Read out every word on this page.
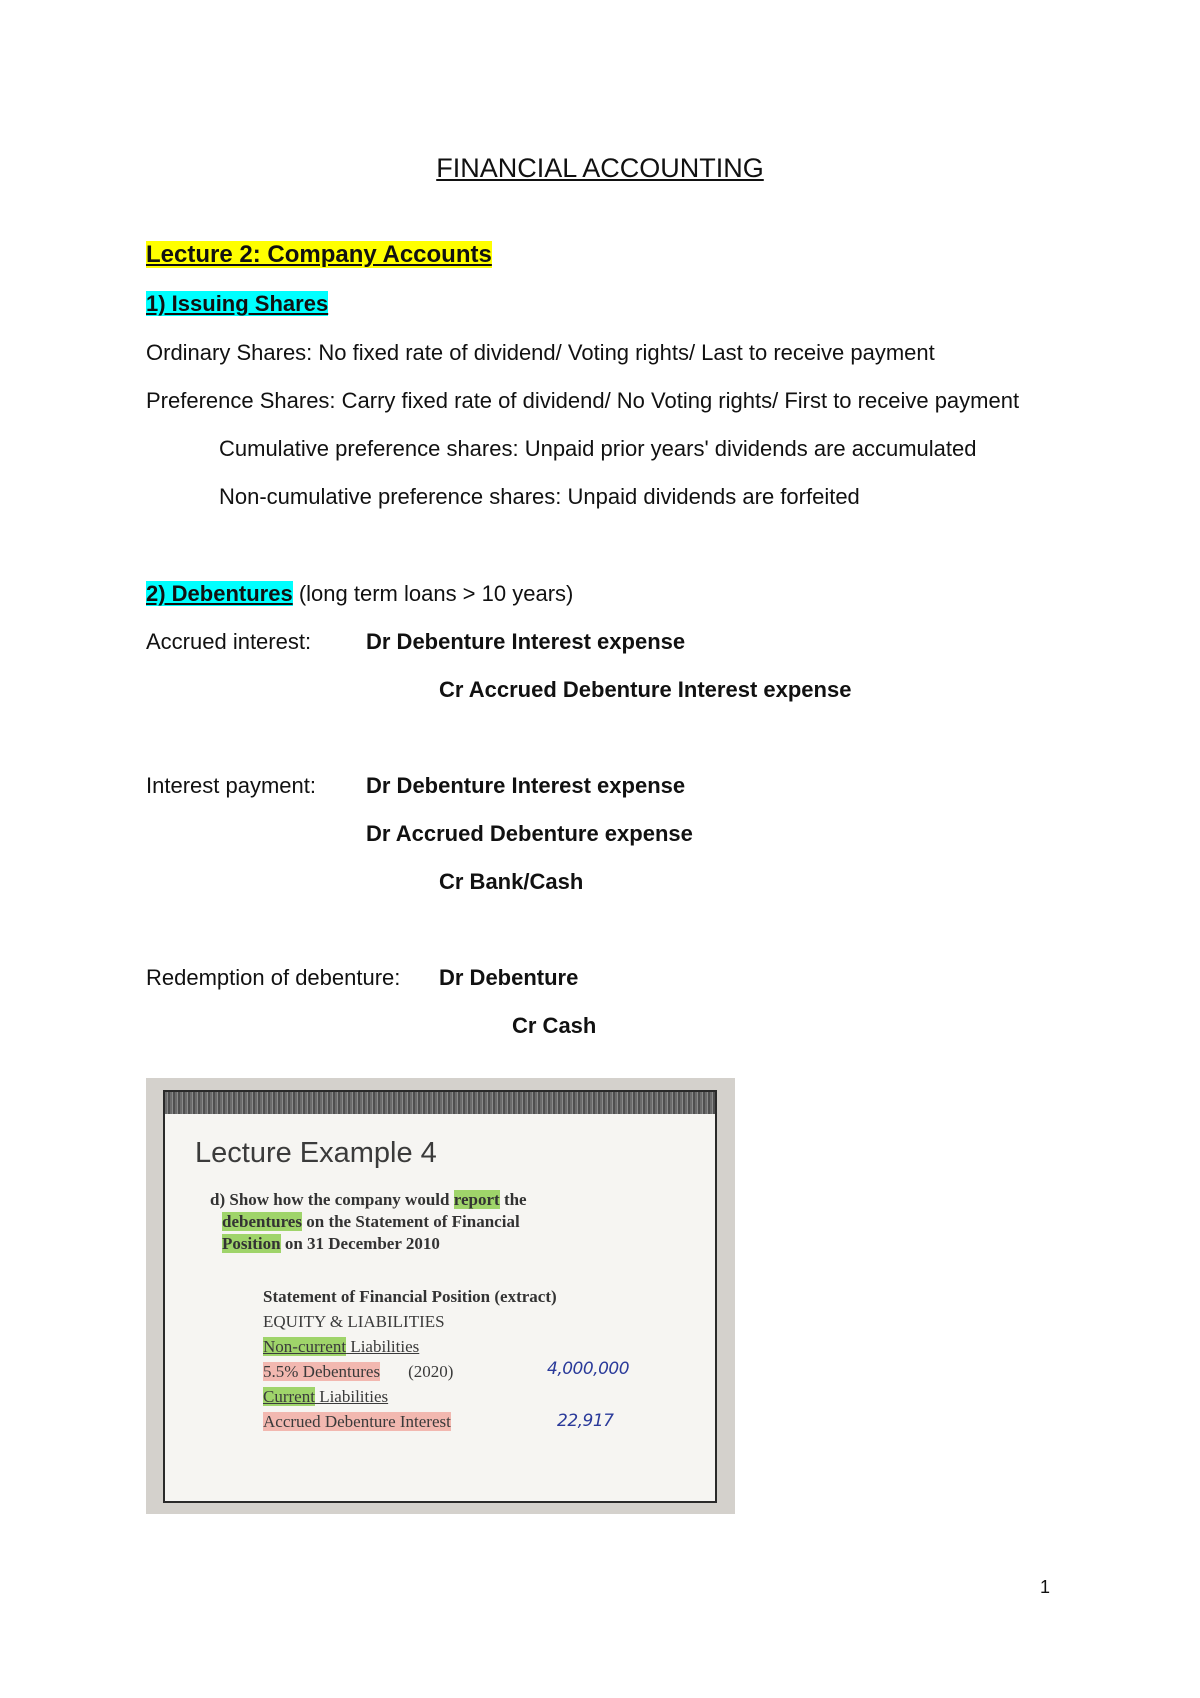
FINANCIAL ACCOUNTING
Lecture 2: Company Accounts
1) Issuing Shares
Ordinary Shares: No fixed rate of dividend/ Voting rights/ Last to receive payment
Preference Shares: Carry fixed rate of dividend/ No Voting rights/ First to receive payment
Cumulative preference shares: Unpaid prior years' dividends are accumulated
Non-cumulative preference shares: Unpaid dividends are forfeited
2) Debentures (long term loans > 10 years)
Accrued interest: Dr Debenture Interest expense
Cr Accrued Debenture Interest expense
Interest payment: Dr Debenture Interest expense
Dr Accrued Debenture expense
Cr Bank/Cash
Redemption of debenture: Dr Debenture
Cr Cash
Lecture Example 4
d) Show how the company would report the
debentures on the Statement of Financial
Position on 31 December 2010
Statement of Financial Position (extract)
EQUITY & LIABILITIES
Non-current Liabilities
5.5% Debentures (2020)
Current Liabilities
Accrued Debenture Interest
4,000,000
22,917
1
